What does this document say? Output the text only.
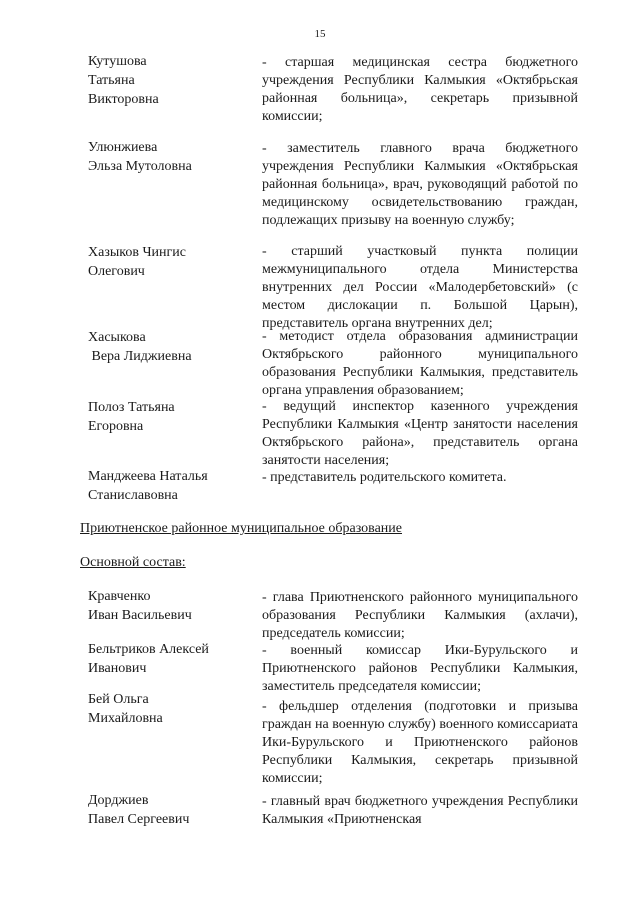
15
Кутушова
Татьяна
Викторовна
- старшая медицинская сестра бюджетного учреждения Республики Калмыкия «Октябрьская районная больница», секретарь призывной комиссии;
Улюнжиева
Эльза Мутоловна
- заместитель главного врача бюджетного учреждения Республики Калмыкия «Октябрьская районная больница», врач, руководящий работой по медицинскому освидетельствованию граждан, подлежащих призыву на военную службу;
Хазыков Чингис
Олегович
- старший участковый пункта полиции межмуниципального отдела Министерства внутренних дел России «Малодербетовский» (с местом дислокации п. Большой Царын), представитель органа внутренних дел;
Хасыкова
Вера Лиджиевна
- методист отдела образования администрации Октябрьского районного муниципального образования Республики Калмыкия, представитель органа управления образованием;
Полоз Татьяна
Егоровна
- ведущий инспектор казенного учреждения Республики Калмыкия «Центр занятости населения Октябрьского района», представитель органа занятости населения;
Манджеева Наталья
Станиславовна
- представитель родительского комитета.
Приютненское районное муниципальное образование
Основной состав:
Кравченко
Иван Васильевич
- глава Приютненского районного муниципального образования Республики Калмыкия (ахлачи), председатель комиссии;
Бельтриков Алексей
Иванович
- военный комиссар Ики-Бурульского и Приютненского районов Республики Калмыкия, заместитель председателя комиссии;
Бей Ольга
Михайловна
- фельдшер отделения (подготовки и призыва граждан на военную службу) военного комиссариата Ики-Бурульского и Приютненского районов Республики Калмыкия, секретарь призывной комиссии;
Дорджиев
Павел Сергеевич
- главный врач бюджетного учреждения Республики Калмыкия «Приютненская
